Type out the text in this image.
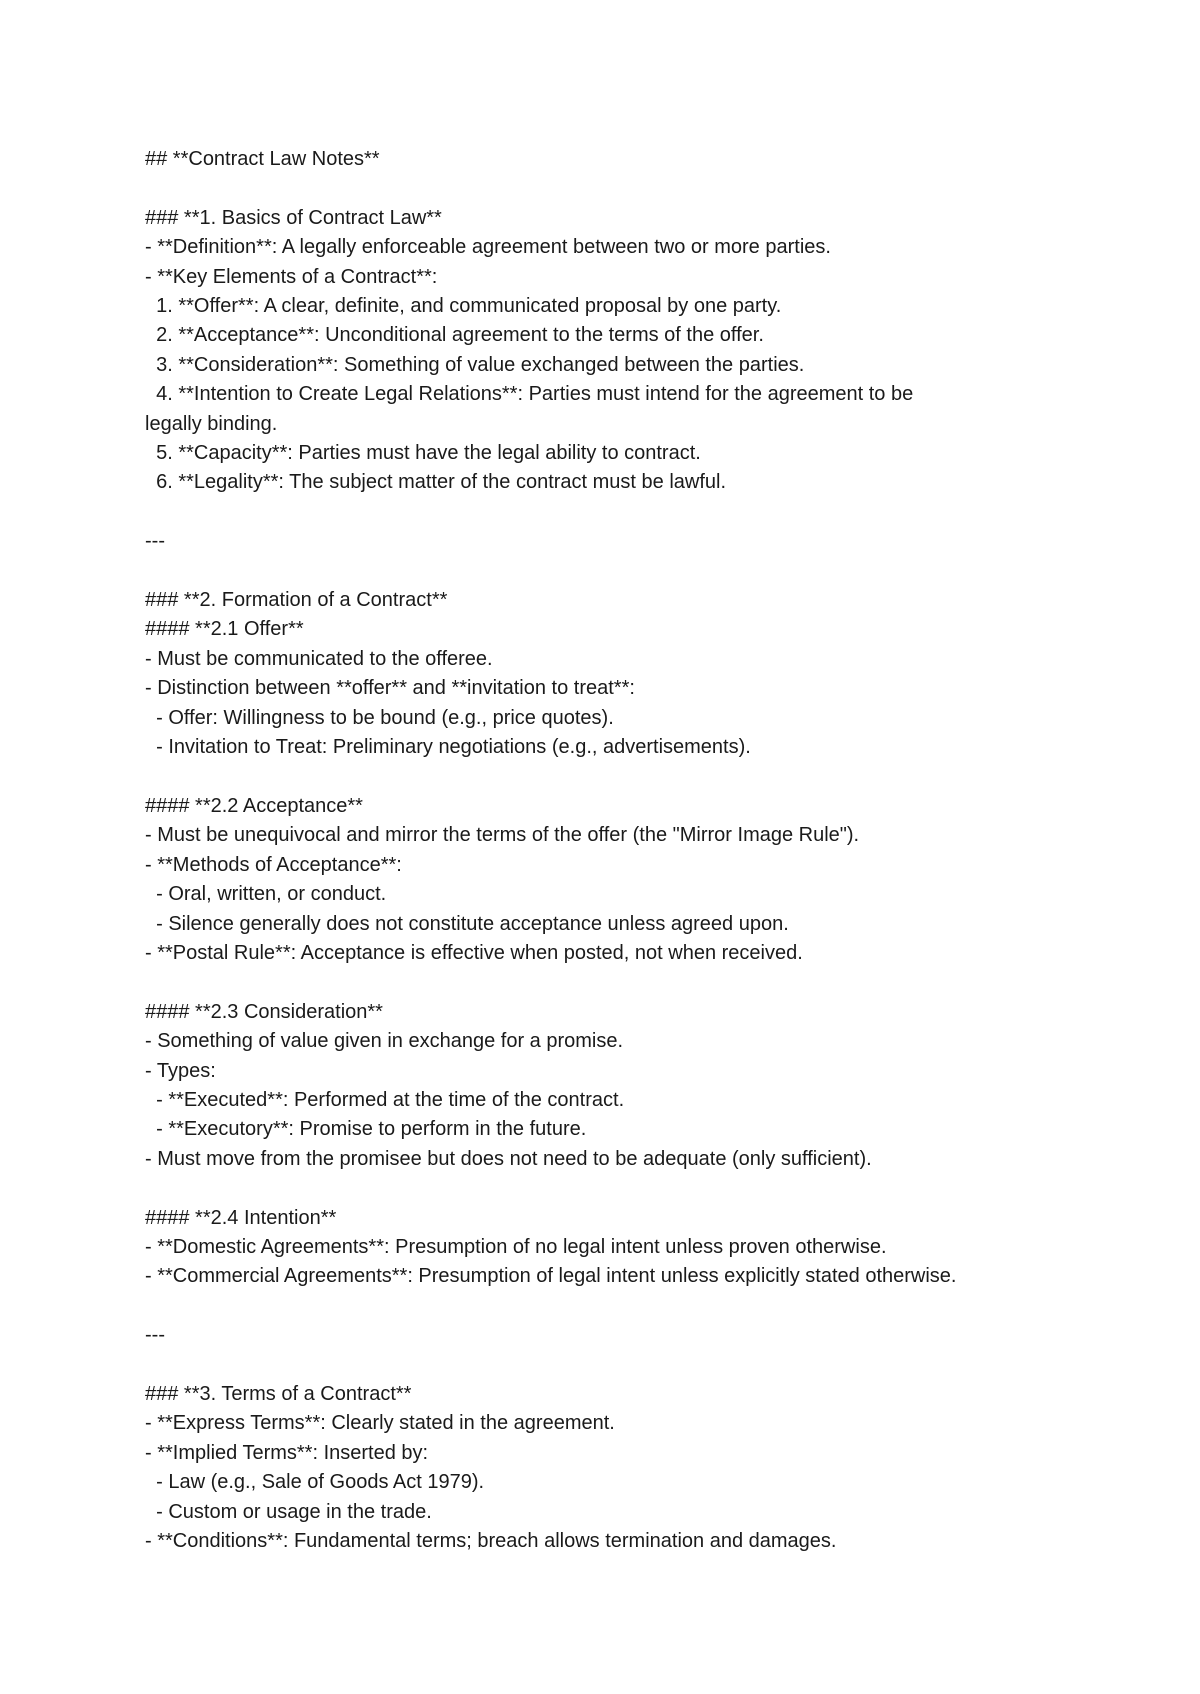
## **Contract Law Notes**
### **1. Basics of Contract Law**
- **Definition**: A legally enforceable agreement between two or more parties.
- **Key Elements of a Contract**:
1. **Offer**: A clear, definite, and communicated proposal by one party.
2. **Acceptance**: Unconditional agreement to the terms of the offer.
3. **Consideration**: Something of value exchanged between the parties.
4. **Intention to Create Legal Relations**: Parties must intend for the agreement to be
legally binding.
5. **Capacity**: Parties must have the legal ability to contract.
6. **Legality**: The subject matter of the contract must be lawful.
---
### **2. Formation of a Contract**
#### **2.1 Offer**
- Must be communicated to the offeree.
- Distinction between **offer** and **invitation to treat**:
- Offer: Willingness to be bound (e.g., price quotes).
- Invitation to Treat: Preliminary negotiations (e.g., advertisements).
#### **2.2 Acceptance**
- Must be unequivocal and mirror the terms of the offer (the "Mirror Image Rule").
- **Methods of Acceptance**:
- Oral, written, or conduct.
- Silence generally does not constitute acceptance unless agreed upon.
- **Postal Rule**: Acceptance is effective when posted, not when received.
#### **2.3 Consideration**
- Something of value given in exchange for a promise.
- Types:
- **Executed**: Performed at the time of the contract.
- **Executory**: Promise to perform in the future.
- Must move from the promisee but does not need to be adequate (only sufficient).
#### **2.4 Intention**
- **Domestic Agreements**: Presumption of no legal intent unless proven otherwise.
- **Commercial Agreements**: Presumption of legal intent unless explicitly stated otherwise.
---
### **3. Terms of a Contract**
- **Express Terms**: Clearly stated in the agreement.
- **Implied Terms**: Inserted by:
- Law (e.g., Sale of Goods Act 1979).
- Custom or usage in the trade.
- **Conditions**: Fundamental terms; breach allows termination and damages.
